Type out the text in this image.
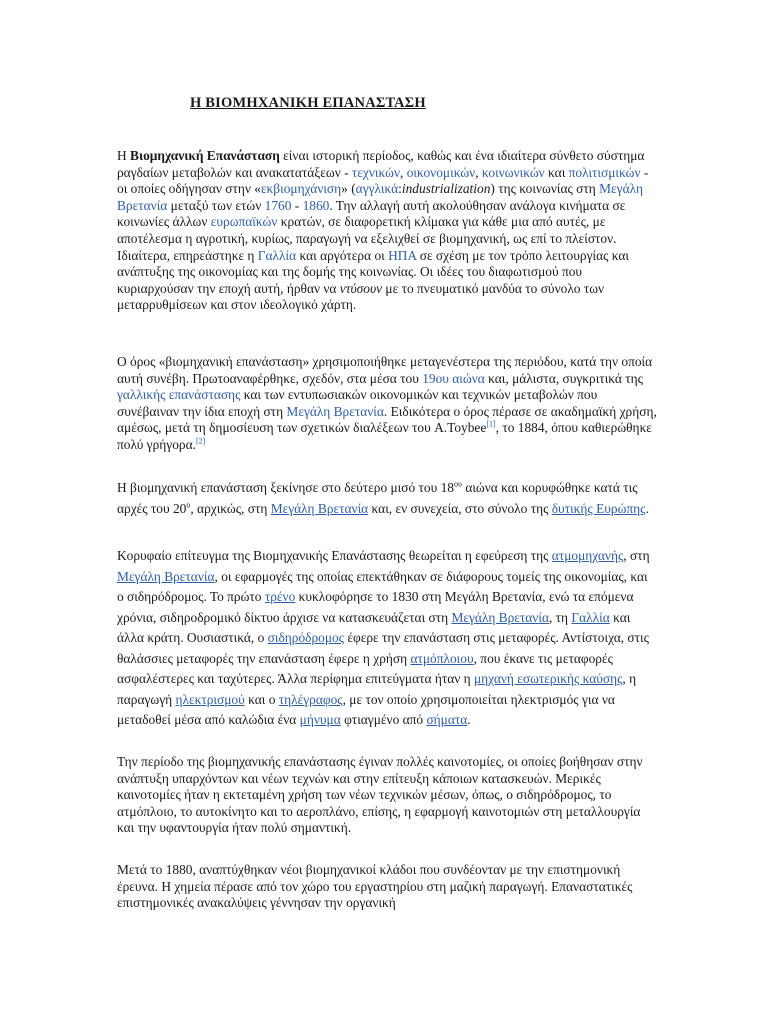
Η ΒΙΟΜΗΧΑΝΙΚΗ ΕΠΑΝΑΣΤΑΣΗ

Η Βιομηχανική Επανάσταση είναι ιστορική περίοδος, καθώς και ένα ιδιαίτερα σύνθετο σύστημα ραγδαίων μεταβολών και ανακατατάξεων - τεχνικών, οικονομικών, κοινωνικών και πολιτισμικών - οι οποίες οδήγησαν στην «εκβιομηχάνιση» (αγγλικά:industrialization) της κοινωνίας στη Μεγάλη Βρετανία μεταξύ των ετών 1760 - 1860. Την αλλαγή αυτή ακολούθησαν ανάλογα κινήματα σε κοινωνίες άλλων ευρωπαϊκών κρατών, σε διαφορετική κλίμακα για κάθε μια από αυτές, με αποτέλεσμα η αγροτική, κυρίως, παραγωγή να εξελιχθεί σε βιομηχανική, ως επί το πλείστον. Ιδιαίτερα, επηρεάστηκε η Γαλλία και αργότερα οι ΗΠΑ σε σχέση με τον τρόπο λειτουργίας και ανάπτυξης της οικονομίας και της δομής της κοινωνίας. Οι ιδέες του διαφωτισμού που κυριαρχούσαν την εποχή αυτή, ήρθαν να ντύσουν με το πνευματικό μανδύα το σύνολο των μεταρρυθμίσεων και στον ιδεολογικό χάρτη.

Ο όρος «βιομηχανική επανάσταση» χρησιμοποιήθηκε μεταγενέστερα της περιόδου, κατά την οποία αυτή συνέβη. Πρωτοαναφέρθηκε, σχεδόν, στα μέσα του 19ου αιώνα και, μάλιστα, συγκριτικά της γαλλικής επανάστασης και των εντυπωσιακών οικονομικών και τεχνικών μεταβολών που συνέβαιναν την ίδια εποχή στη Μεγάλη Βρετανία. Ειδικότερα ο όρος πέρασε σε ακαδημαϊκή χρήση, αμέσως, μετά τη δημοσίευση των σχετικών διαλέξεων του A.Toybee[1], το 1884, όπου καθιερώθηκε πολύ γρήγορα.[2]

Η βιομηχανική επανάσταση ξεκίνησε στο δεύτερο μισό του $18^{o\upsilon}$ αιώνα και κορυφώθηκε κατά τις αρχές του $20^o$, αρχικώς, στη Μεγάλη Βρετανία και, εν συνεχεία, στο σύνολο της δυτικής Ευρώπης.

Κορυφαίο επίτευγμα της Βιομηχανικής Επανάστασης θεωρείται η εφεύρεση της ατμομηχανής, στη Μεγάλη Βρετανία, οι εφαρμογές της οποίας επεκτάθηκαν σε διάφορους τομείς της οικονομίας, και ο σιδηρόδρομος. Το πρώτο τρένο κυκλοφόρησε το 1830 στη Μεγάλη Βρετανία, ενώ τα επόμενα χρόνια, σιδηροδρομικό δίκτυο άρχισε να κατασκευάζεται στη Μεγάλη Βρετανία, τη Γαλλία και άλλα κράτη. Ουσιαστικά, ο σιδηρόδρομος έφερε την επανάσταση στις μεταφορές. Αντίστοιχα, στις θαλάσσιες μεταφορές την επανάσταση έφερε η χρήση ατμόπλοιου, που έκανε τις μεταφορές ασφαλέστερες και ταχύτερες. Άλλα περίφημα επιτεύγματα ήταν η μηχανή εσωτερικής καύσης, η παραγωγή ηλεκτρισμού και ο τηλέγραφος, με τον οποίο χρησιμοποιείται ηλεκτρισμός για να μεταδοθεί μέσα από καλώδια ένα μήνυμα φτιαγμένο από σήματα.

Την περίοδο της βιομηχανικής επανάστασης έγιναν πολλές καινοτομίες, οι οποίες βοήθησαν στην ανάπτυξη υπαρχόντων και νέων τεχνών και στην επίτευξη κάποιων κατασκευών. Μερικές καινοτομίες ήταν η εκτεταμένη χρήση των νέων τεχνικών μέσων, όπως, ο σιδηρόδρομος, το ατμόπλοιο, το αυτοκίνητο και το αεροπλάνο, επίσης, η εφαρμογή καινοτομιών στη μεταλλουργία και την υφαντουργία ήταν πολύ σημαντική.

Μετά το 1880, αναπτύχθηκαν νέοι βιομηχανικοί κλάδοι που συνδέονταν με την επιστημονική έρευνα. Η χημεία πέρασε από τον χώρο του εργαστηρίου στη μαζική παραγωγή. Επαναστατικές επιστημονικές ανακαλύψεις γέννησαν την οργανική
